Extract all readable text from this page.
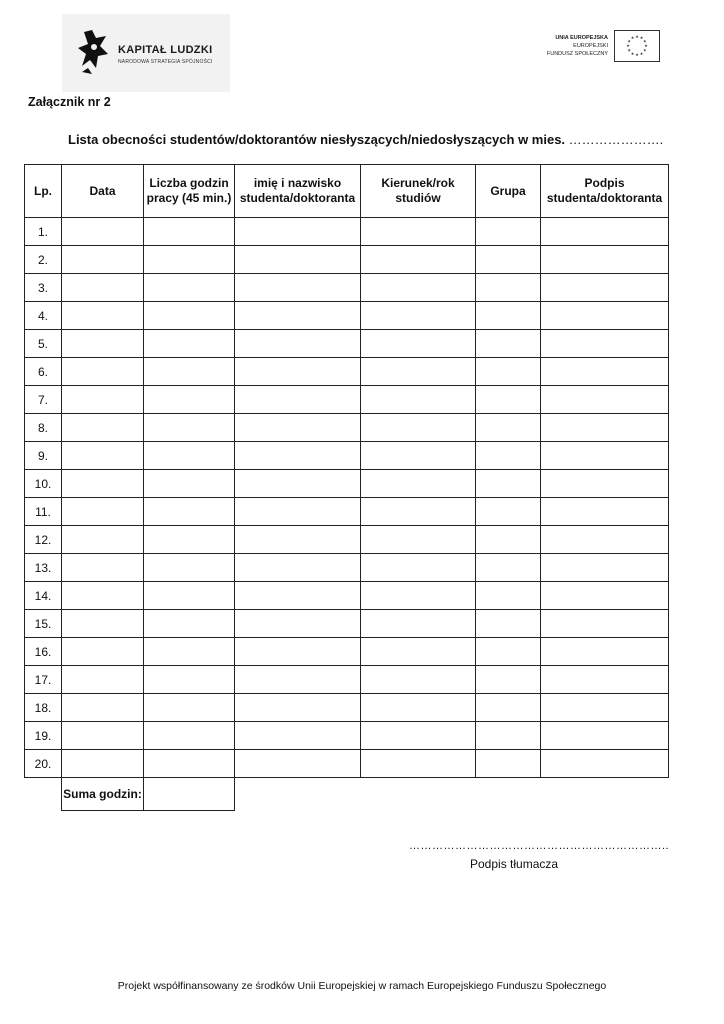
KAPITAŁ LUDZKI
NARODOWA STRATEGIA SPÓJNOŚCI
UNIA EUROPEJSKA
EUROPEJSKI
FUNDUSZ SPOŁECZNY
★ ★
★
★
★
★
★
★
★
★
★
★
Załącznik nr 2
Lista obecności studentów/doktorantów niesłyszących/niedosłyszących w mies. ………………….
Lp.	Data	Liczba godzin pracy (45 min.)	imię i nazwisko studenta/doktoranta	Kierunek/rok studiów	Grupa	Podpis studenta/doktoranta
1.						
2.						
3.						
4.						
5.						
6.						
7.						
8.						
9.						
10.						
11.						
12.						
13.						
14.						
15.						
16.						
17.						
18.						
19.						
20.						
	Suma godzin:					
…………………………………………………………..
Podpis tłumacza
Projekt współfinansowany ze środków Unii Europejskiej w ramach Europejskiego Funduszu Społecznego
